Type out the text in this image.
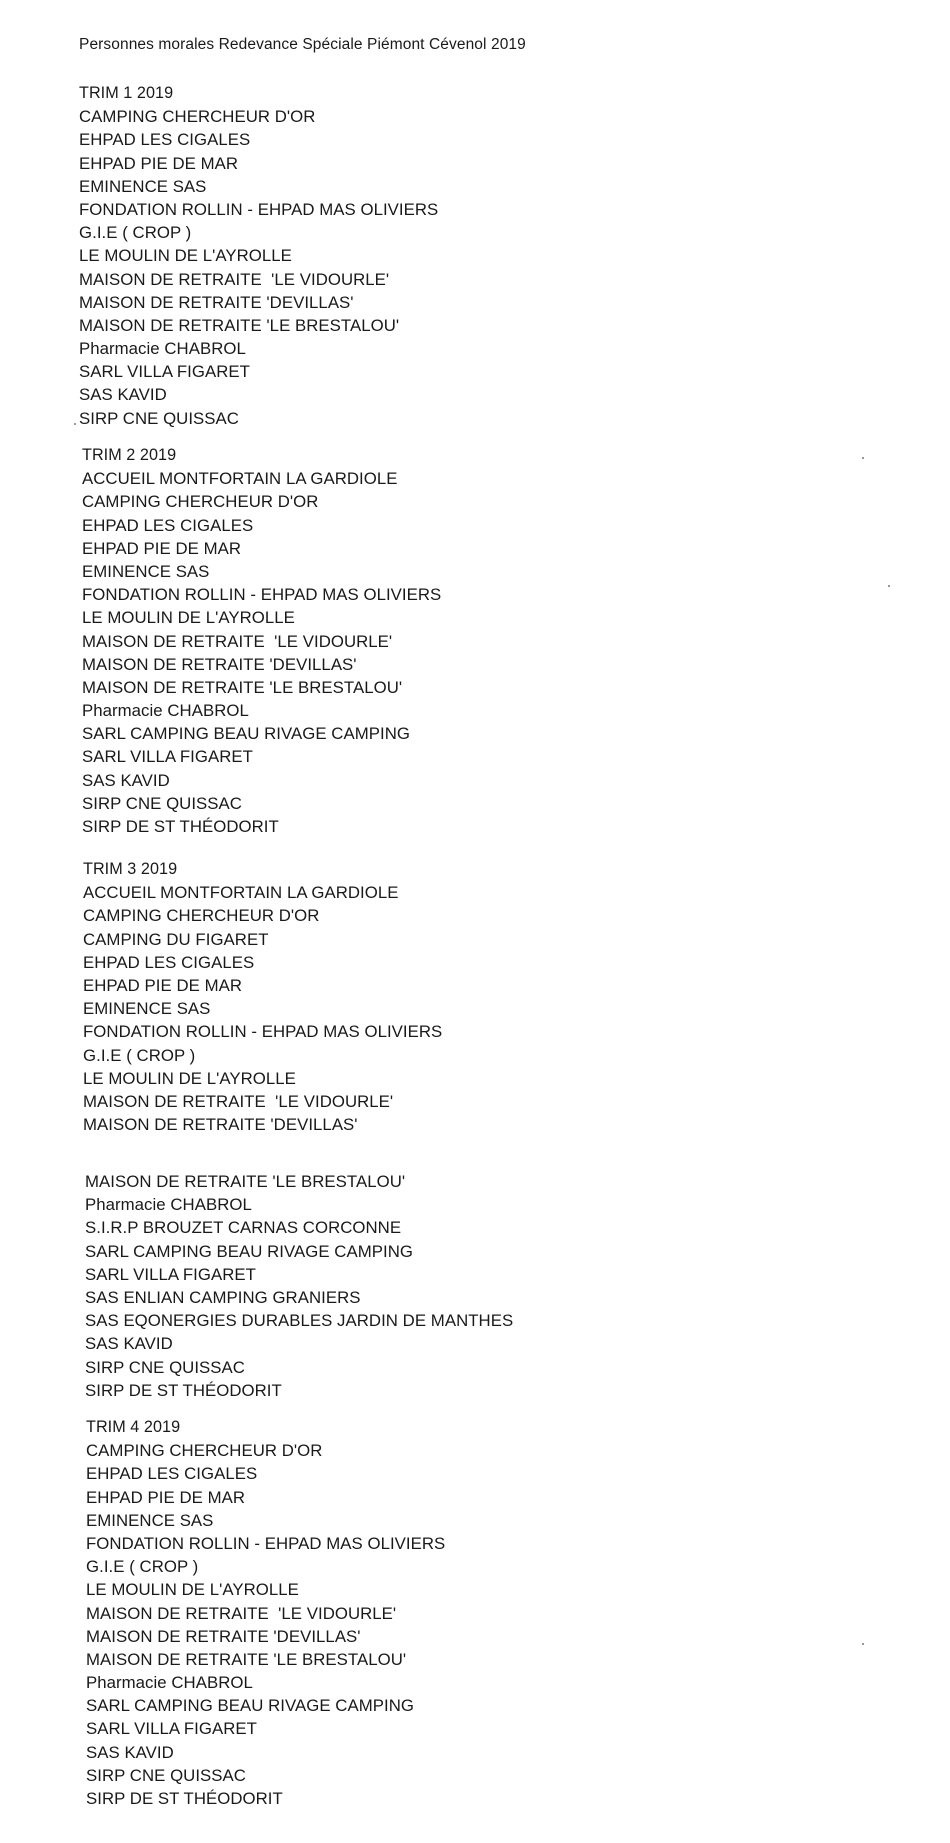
Personnes morales Redevance Spéciale Piémont Cévenol 2019
TRIM 1 2019
CAMPING CHERCHEUR D'OR
EHPAD LES CIGALES
EHPAD PIE DE MAR
EMINENCE SAS
FONDATION ROLLIN - EHPAD MAS OLIVIERS
G.I.E ( CROP )
LE MOULIN DE L'AYROLLE
MAISON DE RETRAITE  'LE VIDOURLE'
MAISON DE RETRAITE 'DEVILLAS'
MAISON DE RETRAITE 'LE BRESTALOU'
Pharmacie CHABROL
SARL VILLA FIGARET
SAS KAVID
SIRP CNE QUISSAC
TRIM 2 2019
ACCUEIL MONTFORTAIN LA GARDIOLE
CAMPING CHERCHEUR D'OR
EHPAD LES CIGALES
EHPAD PIE DE MAR
EMINENCE SAS
FONDATION ROLLIN - EHPAD MAS OLIVIERS
LE MOULIN DE L'AYROLLE
MAISON DE RETRAITE  'LE VIDOURLE'
MAISON DE RETRAITE 'DEVILLAS'
MAISON DE RETRAITE 'LE BRESTALOU'
Pharmacie CHABROL
SARL CAMPING BEAU RIVAGE CAMPING
SARL VILLA FIGARET
SAS KAVID
SIRP CNE QUISSAC
SIRP DE ST THÉODORIT
TRIM 3 2019
ACCUEIL MONTFORTAIN LA GARDIOLE
CAMPING CHERCHEUR D'OR
CAMPING DU FIGARET
EHPAD LES CIGALES
EHPAD PIE DE MAR
EMINENCE SAS
FONDATION ROLLIN - EHPAD MAS OLIVIERS
G.I.E ( CROP )
LE MOULIN DE L'AYROLLE
MAISON DE RETRAITE  'LE VIDOURLE'
MAISON DE RETRAITE 'DEVILLAS'
MAISON DE RETRAITE 'LE BRESTALOU'
Pharmacie CHABROL
S.I.R.P BROUZET CARNAS CORCONNE
SARL CAMPING BEAU RIVAGE CAMPING
SARL VILLA FIGARET
SAS ENLIAN CAMPING GRANIERS
SAS EQONERGIES DURABLES JARDIN DE MANTHES
SAS KAVID
SIRP CNE QUISSAC
SIRP DE ST THÉODORIT
TRIM 4 2019
CAMPING CHERCHEUR D'OR
EHPAD LES CIGALES
EHPAD PIE DE MAR
EMINENCE SAS
FONDATION ROLLIN - EHPAD MAS OLIVIERS
G.I.E ( CROP )
LE MOULIN DE L'AYROLLE
MAISON DE RETRAITE  'LE VIDOURLE'
MAISON DE RETRAITE 'DEVILLAS'
MAISON DE RETRAITE 'LE BRESTALOU'
Pharmacie CHABROL
SARL CAMPING BEAU RIVAGE CAMPING
SARL VILLA FIGARET
SAS KAVID
SIRP CNE QUISSAC
SIRP DE ST THÉODORIT
